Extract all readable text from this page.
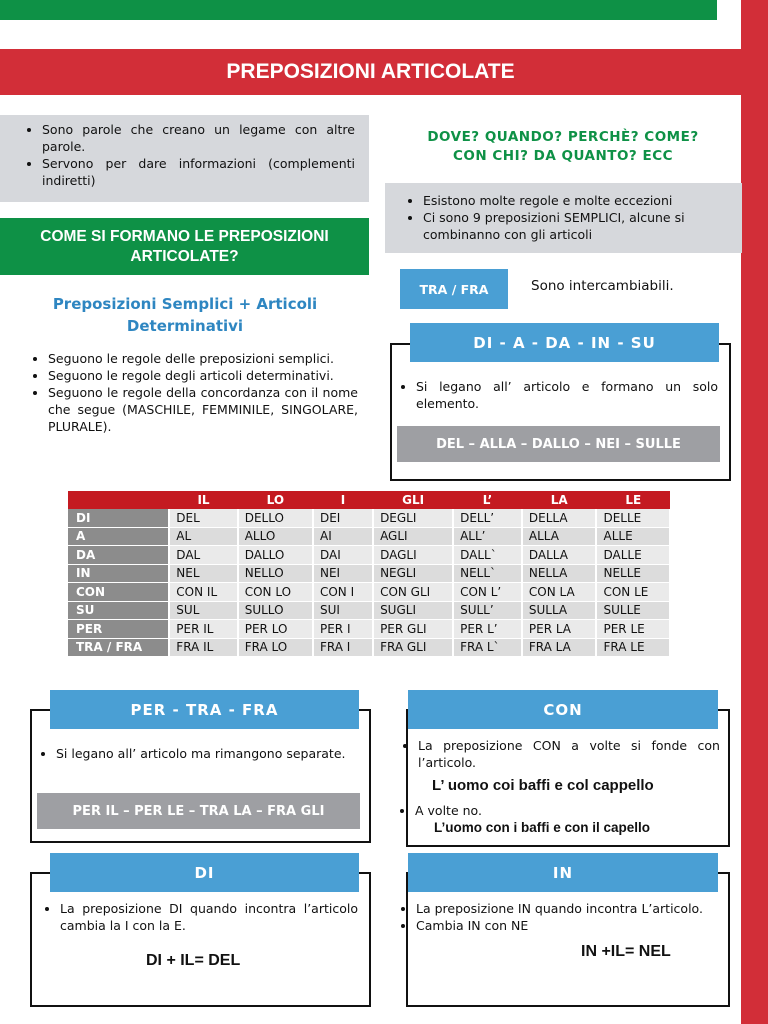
PREPOSIZIONI ARTICOLATE
• Sono parole che creano un legame con altre parole.
• Servono per dare informazioni (complementi indiretti)
DOVE? QUANDO? PERCHÈ? COME?
CON CHI? DA QUANTO? ECC
• Esistono molte regole e molte eccezioni
• Ci sono 9 preposizioni SEMPLICI, alcune si combinanno con gli articoli
COME SI FORMANO LE PREPOSIZIONI ARTICOLATE?
TRA / FRA	Sono intercambiabili.
Preposizioni Semplici + Articoli Determinativi
• Seguono le regole delle preposizioni semplici.
• Seguono le regole degli articoli determinativi.
• Seguono le regole della concordanza con il nome che segue (MASCHILE, FEMMINILE, SINGOLARE, PLURALE).
DI - A - DA - IN - SU
• Si legano all’ articolo e formano un solo elemento.
DEL – ALLA – DALLO – NEI – SULLE
	IL	LO	I	GLI	L’	LA	LE
DI	DEL	DELLO	DEI	DEGLI	DELL’	DELLA	DELLE
A	AL	ALLO	AI	AGLI	ALL’	ALLA	ALLE
DA	DAL	DALLO	DAI	DAGLI	DALL`	DALLA	DALLE
IN	NEL	NELLO	NEI	NEGLI	NELL`	NELLA	NELLE
CON	CON IL	CON LO	CON I	CON GLI	CON L’	CON LA	CON LE
SU	SUL	SULLO	SUI	SUGLI	SULL’	SULLA	SULLE
PER	PER IL	PER LO	PER I	PER GLI	PER L’	PER LA	PER LE
TRA / FRA	FRA IL	FRA LO	FRA I	FRA GLI	FRA L`	FRA LA	FRA LE
PER - TRA - FRA
• Si legano all’ articolo ma rimangono separate.
PER IL – PER LE – TRA LA – FRA GLI
CON
• La preposizione CON a volte si fonde con l’articolo.
L’ uomo coi baffi e col cappello
• A volte no.
L’uomo con i baffi e con il capello
DI
• La preposizione DI quando incontra l’articolo cambia la I con la E.
DI + IL= DEL
IN
• La preposizione IN quando incontra L’articolo.
• Cambia IN con NE
IN +IL= NEL
